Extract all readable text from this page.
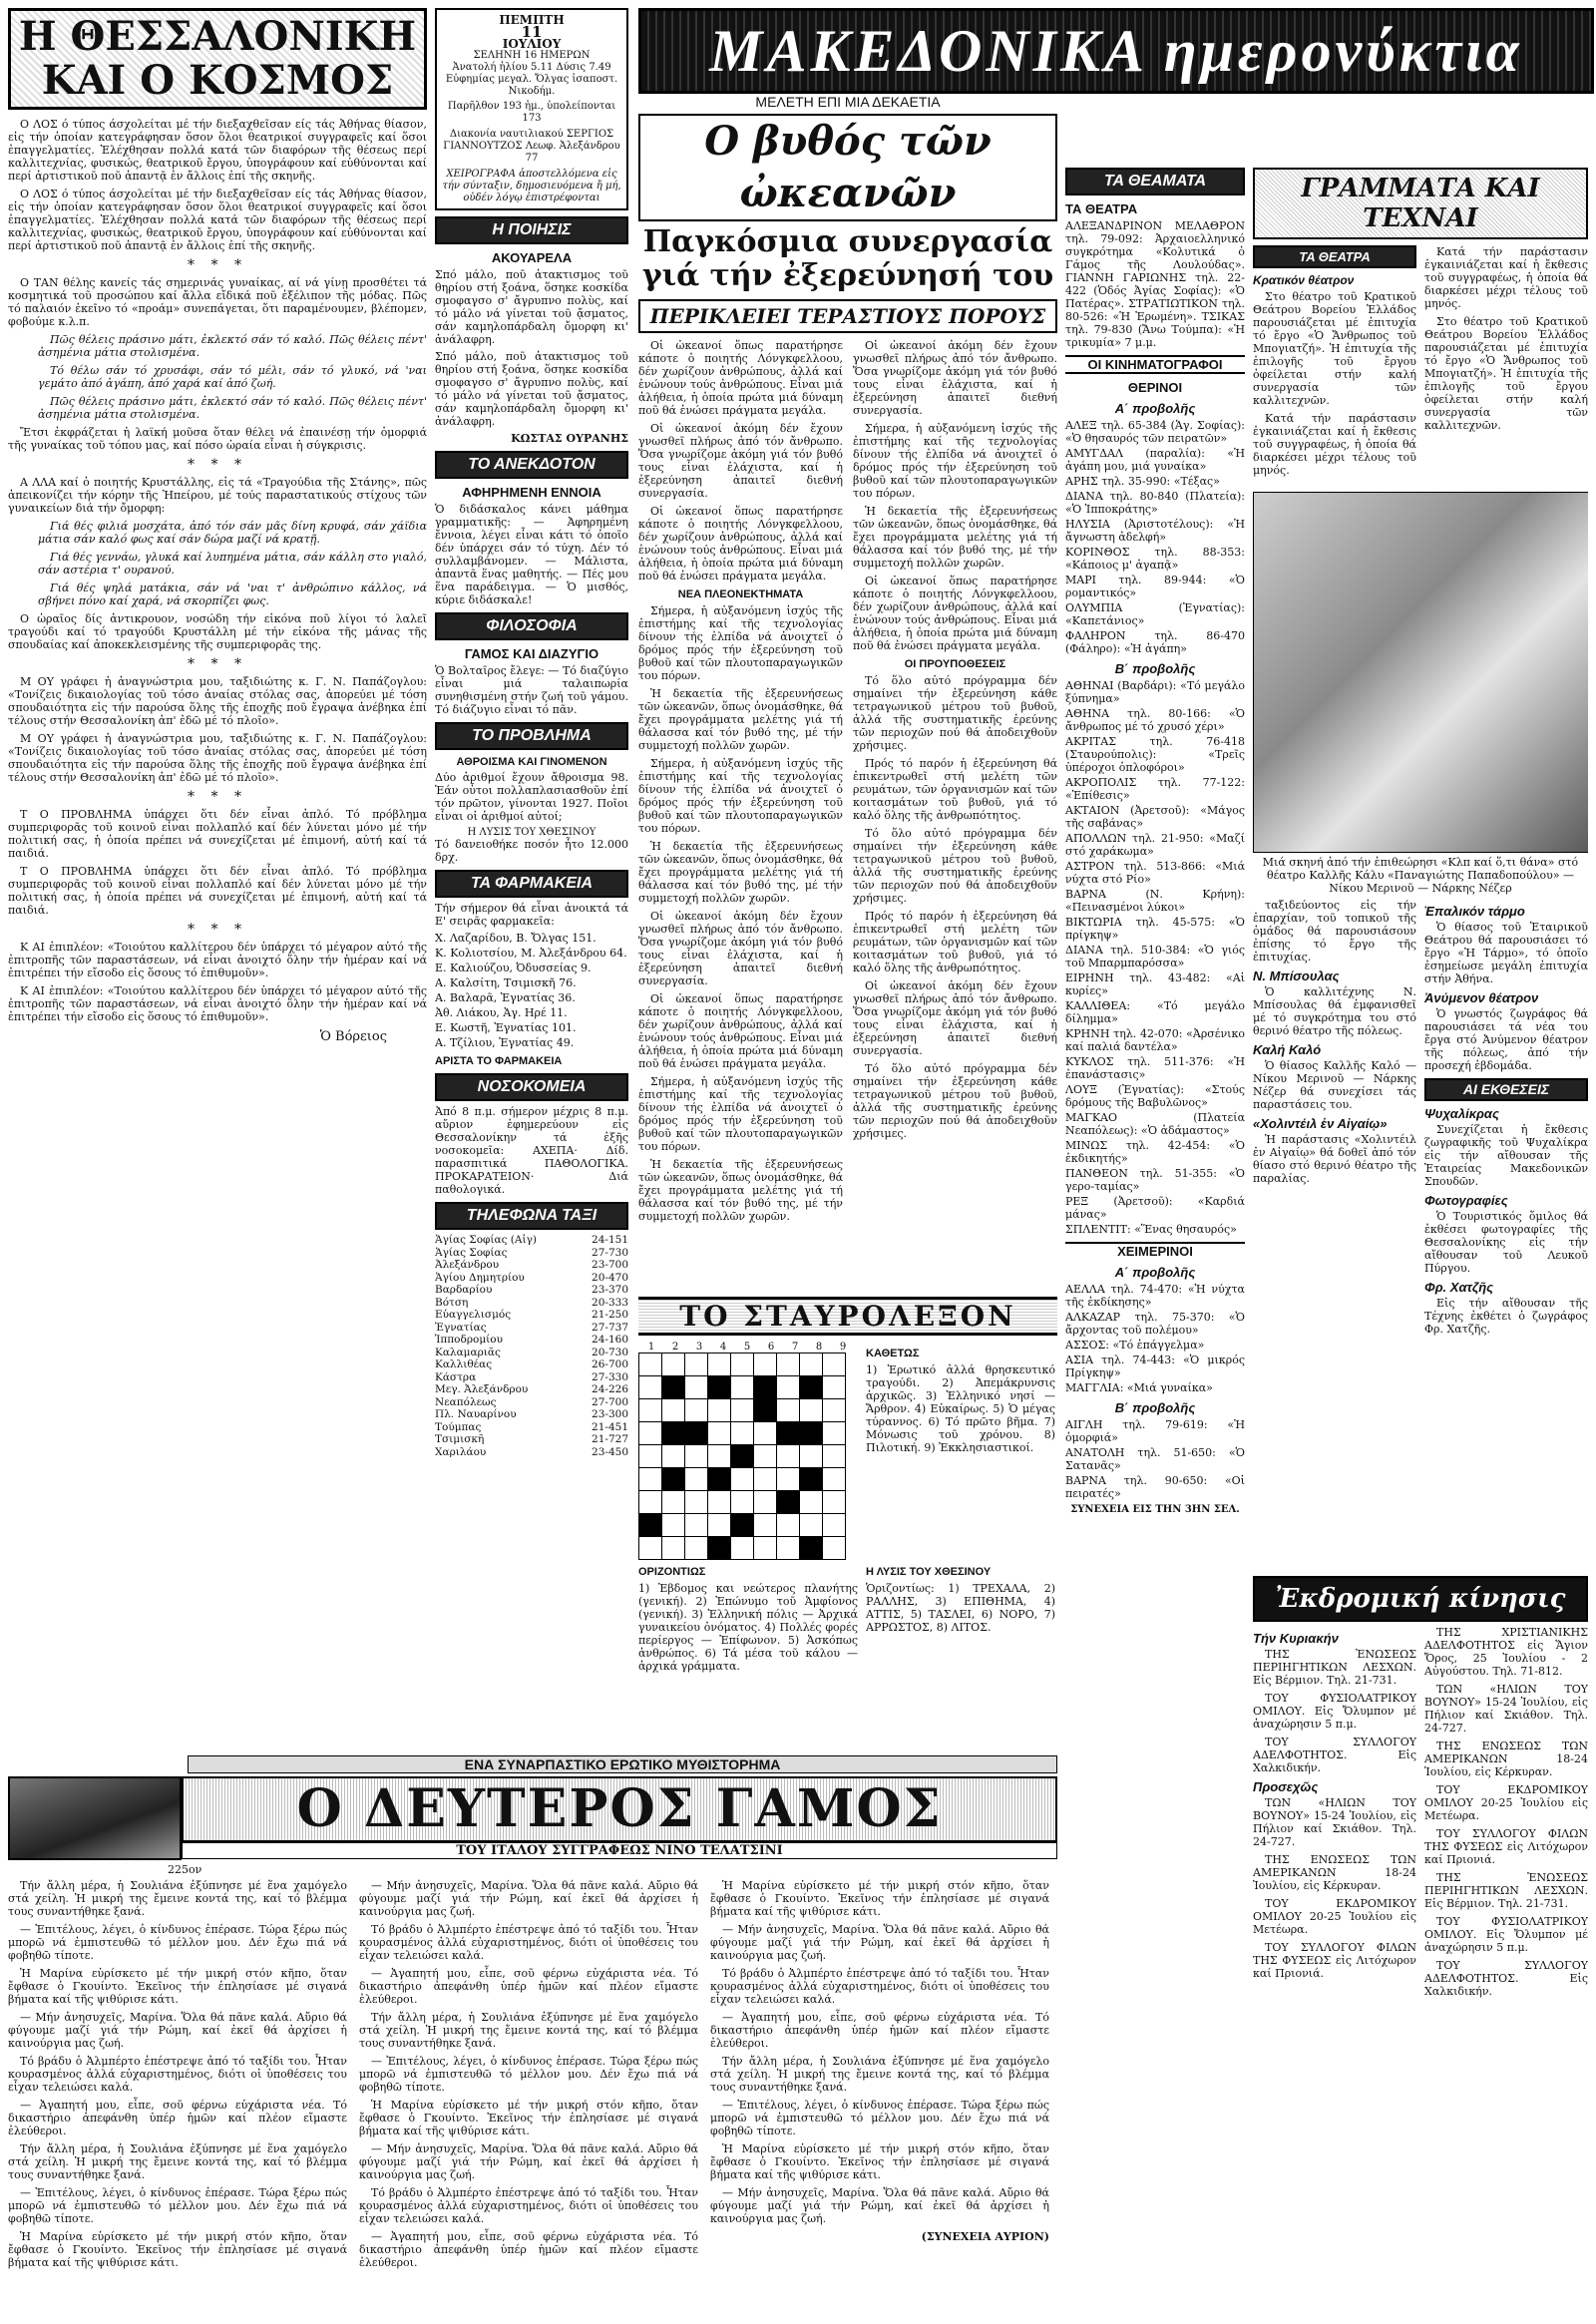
Η ΘΕΣΣΑΛΟΝΙΚΗ
ΚΑΙ Ο ΚΟΣΜΟΣ

Ο ΛΟΣ ό τύπος άσχολείται μέ τήν διεξαχθεῖσαν είς τάς Ἀθήνας θίασον, εἰς τήν ὁποίαν κατεγράφησαν ὅσον ὅλοι θεατρικοί συγγραφεῖς καί ὅσοι ἐπαγγελματίες. Ἐλέχθησαν πολλά κατά τῶν διαφόρων τῆς θέσεως περί καλλιτεχνίας, φυσικώς, θεατρικοῦ ἔργου, ὑπογράφουν καί εὐθύνονται καί περί ἀρτιστικοῦ ποῦ ἀπαντᾷ ἐν ἄλλοις ἐπί τῆς σκηνῆς.

Ο ΛΟΣ ό τύπος άσχολείται μέ τήν διεξαχθεῖσαν είς τάς Ἀθήνας θίασον, εἰς τήν ὁποίαν κατεγράφησαν ὅσον ὅλοι θεατρικοί συγγραφεῖς καί ὅσοι ἐπαγγελματίες. Ἐλέχθησαν πολλά κατά τῶν διαφόρων τῆς θέσεως περί καλλιτεχνίας, φυσικώς, θεατρικοῦ ἔργου, ὑπογράφουν καί εὐθύνονται καί περί ἀρτιστικοῦ ποῦ ἀπαντᾷ ἐν ἄλλοις ἐπί τῆς σκηνῆς.

* * *

Ο ΤΑΝ θέλης κανείς τάς σημερινάς γυναίκας, αί νά γίνῃ προσθέτει τά κοσμητικά τοῦ προσώπου καί ἄλλα εἴδικά ποῦ ἐξέλιπον τῆς μόδας. Πῶς τό παλαιόν ἐκεῖνο τό «προάμ» συνεπάγεται, ὅτι παραμένουμεν, βλέπομεν, φοβούμε κ.λ.π.

Πῶς θέλεις πράσινο μάτι, ἐκλεκτό σάν τό καλό. Πῶς θέλεις πέντ' ἀσημένια μάτια στολισμένα.

Τό θέλω σάν τό χρυσάφι, σάν τό μέλι, σάν τό γλυκό, νά 'ναι γεμάτο ἀπό ἀγάπη, ἀπό χαρά καί ἀπό ζωή.

Πῶς θέλεις πράσινο μάτι, ἐκλεκτό σάν τό καλό. Πῶς θέλεις πέντ' ἀσημένια μάτια στολισμένα.

Ἔτσι ἐκφράζεται ἡ λαϊκή μοῦσα ὅταν θέλει νά ἐπαινέσῃ τήν ὀμορφιά τῆς γυναίκας τοῦ τόπου μας, καί πόσο ὡραία εἶναι ἡ σύγκρισις.

* * *

Α ΛΛΑ καί ὁ ποιητής Κρυστάλλης, εἰς τά «Τραγούδια τῆς Στάνης», πῶς ἀπεικονίζει τήν κόρην τῆς Ἠπείρου, μέ τούς παραστατικούς στίχους τῶν γυναικείων διά τήν ὄμορφη:

Γιά θές φιλιά μοσχάτα, ἀπό τόν σάν μᾶς δίνη κρυφά, σάν χάϊδια μάτια σάν καλό φως καί σάν δώρα μαζί νά κρατῇ.

Γιά θές γεννάω, γλυκά καί λυπημένα μάτια, σάν κάλλη στο γιαλό, σάν αστέρια τ' ουρανού.

Γιά θές ψηλά ματάκια, σάν νά 'ναι τ' ἀνθρώπινο κάλλος, νά σβήνει πόνο καί χαρά, νά σκορπίζει φως.

Ο ὡραῖος δίς ἀντικρουον, νοσώδη τήν εἰκόνα ποῦ λίγοι τό λαλεῖ τραγούδι καί τό τραγούδι Κρυστάλλη μέ τήν εἰκόνα τῆς μάνας τῆς σπουδαίας καί ἀποκεκλεισμένης τῆς συμπεριφορᾶς της.

* * *

Μ ΟΥ γράφει ἡ ἀναγνώστρια μου, ταξιδιώτης κ. Γ. Ν. Παπάζογλου: «Τονίζεις δικαιολογίας τοῦ τόσο ἀναίας στόλας σας, ἀπορεύει μέ τόση σπουδαιότητα εἰς τήν παρούσα ὅλης τῆς ἐποχῆς ποῦ ἔγραψα ἀνέβηκα ἐπί τέλους στήν Θεσσαλονίκη ἀπ' ἐδῶ μέ τό πλοῖο».

Μ ΟΥ γράφει ἡ ἀναγνώστρια μου, ταξιδιώτης κ. Γ. Ν. Παπάζογλου: «Τονίζεις δικαιολογίας τοῦ τόσο ἀναίας στόλας σας, ἀπορεύει μέ τόση σπουδαιότητα εἰς τήν παρούσα ὅλης τῆς ἐποχῆς ποῦ ἔγραψα ἀνέβηκα ἐπί τέλους στήν Θεσσαλονίκη ἀπ' ἐδῶ μέ τό πλοῖο».

* * *

Τ Ο ΠΡΟΒΛΗΜΑ ὑπάρχει ὅτι δέν εἶναι ἀπλό. Τό πρόβλημα συμπεριφορᾶς τοῦ κοινοῦ εἶναι πολλαπλό καί δέν λύνεται μόνο μέ τήν πολιτική σας, ἡ ὁποία πρέπει νά συνεχίζεται μέ ἐπιμονή, αὐτή καί τά παιδιά.

Τ Ο ΠΡΟΒΛΗΜΑ ὑπάρχει ὅτι δέν εἶναι ἀπλό. Τό πρόβλημα συμπεριφορᾶς τοῦ κοινοῦ εἶναι πολλαπλό καί δέν λύνεται μόνο μέ τήν πολιτική σας, ἡ ὁποία πρέπει νά συνεχίζεται μέ ἐπιμονή, αὐτή καί τά παιδιά.

* * *

Κ ΑΙ ἐπιπλέον: «Τοιούτου καλλίτερου δέν ὑπάρχει τό μέγαρον αὐτό τῆς ἐπιτροπῆς τῶν παραστάσεων, νά εἶναι ἀνοιχτό ὅλην τήν ἡμέραν καί νά ἐπιτρέπει τήν εἴσοδο εἰς ὅσους τό ἐπιθυμοῦν».

Κ ΑΙ ἐπιπλέον: «Τοιούτου καλλίτερου δέν ὑπάρχει τό μέγαρον αὐτό τῆς ἐπιτροπῆς τῶν παραστάσεων, νά εἶναι ἀνοιχτό ὅλην τήν ἡμέραν καί νά ἐπιτρέπει τήν εἴσοδο εἰς ὅσους τό ἐπιθυμοῦν».

Ὁ Βόρειος
ΠΕΜΠΤΗ
11
ΙΟΥΛΙΟΥ
ΣΕΛΗΝΗ 16 ΗΜΕΡΩΝ
Ἀνατολή ἡλίου 5.11 Δύσις 7.49
Εὐφημίας μεγαλ. Ὄλγας ἰσαποστ. Νικοδήμ.
Παρῆλθον 193 ἡμ., ὑπολείπονται 173
Διακονία ναυτιλιακού ΣΕΡΓΙΟΣ ΓΙΑΝΝΟΥΤΖΟΣ Λεωφ. Ἀλεξάνδρου 77
ΧΕΙΡΟΓΡΑΦΑ ἀποστελλόμενα εἰς τήν σύνταξιν, δημοσιευόμενα ἤ μή, οὐδέν λόγῳ ἐπιστρέφονται
Η ΠΟΙΗΣΙΣ
ΑΚΟΥΑΡΕΛΑ
Σπό μάλο, ποῦ ἀτακτισμος τοῦ θηρίου στή ξοάνα, ὅσηκε κοσκίδα σμοφαγσο σ' ἄγρυπνο πολὺς, καί τό μάλο νά γίνεται τοῦ ᾄσματος, σάν καμηλοπάρδαλη ὄμορφη κι' ἀνάλαφρη.
Σπό μάλο, ποῦ ἀτακτισμος τοῦ θηρίου στή ξοάνα, ὅσηκε κοσκίδα σμοφαγσο σ' ἄγρυπνο πολὺς, καί τό μάλο νά γίνεται τοῦ ᾄσματος, σάν καμηλοπάρδαλη ὄμορφη κι' ἀνάλαφρη.
ΚΩΣΤΑΣ ΟΥΡΑΝΗΣ
ΤΟ ΑΝΕΚΔΟΤΟΝ
ΑΦΗΡΗΜΕΝΗ ΕΝΝΟΙΑ
Ὁ διδάσκαλος κάνει μάθημα γραμματικῆς: — Ἀφηρημένη ἔννοια, λέγει εἶναι κάτι τό ὁποῖο δέν ὑπάρχει σάν τό τύχη. Δέν τό συλλαμβάνομεν. — Μάλιστα, ἀπαντᾶ ἕνας μαθητής. — Πές μου ἕνα παράδειγμα. — Ὁ μισθός, κύριε διδάσκαλε!
ΦΙΛΟΣΟΦΙΑ
ΓΑΜΟΣ ΚΑΙ ΔΙΑΖΥΓΙΟ
Ὁ Βολταῖρος ἔλεγε: — Τό διαζύγιο εἶναι μιά ταλαιπωρία συνηθισμένη στήν ζωή τοῦ γάμου. Τό διάζυγιο εἶναι τό πᾶν.
ΤΟ ΠΡΟΒΛΗΜΑ
ΑΘΡΟΙΣΜΑ ΚΑΙ ΓΙΝΟΜΕΝΟΝ
Δύο ἀριθμοί ἔχουν ἄθροισμα 98. Ἐάν οὗτοι πολλαπλασιασθοῦν ἐπί τόν πρῶτον, γίνονται 1927. Ποῖοι εἶναι οἱ ἀριθμοί αὐτοί;
Η ΛΥΣΙΣ ΤΟΥ ΧΘΕΣΙΝΟΥ
Τό δανειοθήκε ποσόν ἦτο 12.000 δρχ.
ΤΑ ΦΑΡΜΑΚΕΙΑ
Τήν σήμερον θά εἶναι ἀνοικτά τά Ε' σειρᾶς φαρμακεῖα:
Χ. Λαζαρίδου, Β. Ὄλγας 151.
Κ. Κολιοτσίου, Μ. Ἀλεξάνδρου 64.
Ε. Καλιούζου, Ὀδυσσείας 9.
Α. Καλσίτη, Τσιμισκῆ 76.
Α. Βαλαρᾶ, Ἐγνατίας 36.
Ἀθ. Λιάκου, Ἁγ. Ηρέ 11.
Ε. Κωστῆ, Ἐγνατίας 101.
Α. Τζίλιου, Ἐγνατίας 49.
ΑΡΙΣΤΑ ΤΟ ΦΑΡΜΑΚΕΙΑ
ΝΟΣΟΚΟΜΕΙΑ
Ἀπό 8 π.μ. σήμερον μέχρις 8 π.μ. αὔριον ἐφημερεύουν εἰς Θεσσαλονίκην τά ἑξῆς νοσοκομεῖα: ΑΧΕΠΑ· Δίδ. παρασπιτικά ΠΑΘΟΛΟΓΙΚΑ. ΠΡΟΚΑΡΑΤΕΙΟΝ· Διά παθολογικά.
ΤΗΛΕΦΩΝΑ ΤΑΞΙ
Ἁγίας Σοφίας (Αἰγ)	24-151
Ἁγίας Σοφίας	27-730
Ἀλεξάνδρου	23-700
Ἁγίου Δημητρίου	20-470
Βαρδαρίου	23-370
Βότση	20-333
Εὐαγγελισμός	21-250
Ἐγνατίας	27-737
Ἱπποδρομίου	24-160
Καλαμαριᾶς	20-730
Καλλιθέας	26-700
Κάστρα	27-330
Μεγ. Ἀλεξάνδρου	24-226
Νεαπόλεως	27-700
Πλ. Ναυαρίνου	23-300
Τούμπας	21-451
Τσιμισκῆ	21-727
Χαριλάου	23-450
ΜΑΚΕΔΟΝΙΚΑ ημερονύκτια
ΜΕΛΕΤΗ ΕΠΙ ΜΙΑ ΔΕΚΑΕΤΙΑ
Ο βυθός τῶν ὠκεανῶν
Παγκόσμια συνεργασία
γιά τήν ἐξερεύνησή του
ΠΕΡΙΚΛΕΙΕΙ ΤΕΡΑΣΤΙΟΥΣ ΠΟΡΟΥΣ

Οἱ ὠκεανοί ὅπως παρατήρησε κάποτε ὁ ποιητής Λόνγκφελλοου, δέν χωρίζουν ἀνθρώπους, ἀλλά καί ἑνώνουν τούς ἀνθρώπους. Εἶναι μιά ἀλήθεια, ἡ ὁποία πρώτα μιά δύναμη ποῦ θά ἐνώσει πράγματα μεγάλα.

Οἱ ὠκεανοί ἀκόμη δέν ἔχουν γνωσθεῖ πλήρως ἀπό τόν ἄνθρωπο. Ὅσα γνωρίζομε ἀκόμη γιά τόν βυθό τους εἶναι ἐλάχιστα, καί ἡ ἐξερεύνηση ἀπαιτεῖ διεθνή συνεργασία.

Οἱ ὠκεανοί ὅπως παρατήρησε κάποτε ὁ ποιητής Λόνγκφελλοου, δέν χωρίζουν ἀνθρώπους, ἀλλά καί ἑνώνουν τούς ἀνθρώπους. Εἶναι μιά ἀλήθεια, ἡ ὁποία πρώτα μιά δύναμη ποῦ θά ἐνώσει πράγματα μεγάλα.

ΝΕΑ ΠΛΕΟΝΕΚΤΗΜΑΤΑ

Σήμερα, ἡ αὐξανόμενη ἰσχύς τῆς ἐπιστήμης καί τῆς τεχνολογίας δίνουν τής ἐλπίδα νά ἀνοιχτεῖ ὁ δρόμος πρός τήν ἐξερεύνηση τοῦ βυθοῦ καί τῶν πλουτοπαραγωγικῶν του πόρων.

Ἡ δεκαετία τῆς ἐξερευνήσεως τῶν ὠκεανῶν, ὅπως ὀνομάσθηκε, θά ἔχει προγράμματα μελέτης γιά τή θάλασσα καί τόν βυθό της, μέ τήν συμμετοχή πολλῶν χωρῶν.

Σήμερα, ἡ αὐξανόμενη ἰσχύς τῆς ἐπιστήμης καί τῆς τεχνολογίας δίνουν τής ἐλπίδα νά ἀνοιχτεῖ ὁ δρόμος πρός τήν ἐξερεύνηση τοῦ βυθοῦ καί τῶν πλουτοπαραγωγικῶν του πόρων.

Ἡ δεκαετία τῆς ἐξερευνήσεως τῶν ὠκεανῶν, ὅπως ὀνομάσθηκε, θά ἔχει προγράμματα μελέτης γιά τή θάλασσα καί τόν βυθό της, μέ τήν συμμετοχή πολλῶν χωρῶν.

Οἱ ὠκεανοί ἀκόμη δέν ἔχουν γνωσθεῖ πλήρως ἀπό τόν ἄνθρωπο. Ὅσα γνωρίζομε ἀκόμη γιά τόν βυθό τους εἶναι ἐλάχιστα, καί ἡ ἐξερεύνηση ἀπαιτεῖ διεθνή συνεργασία.

Οἱ ὠκεανοί ὅπως παρατήρησε κάποτε ὁ ποιητής Λόνγκφελλοου, δέν χωρίζουν ἀνθρώπους, ἀλλά καί ἑνώνουν τούς ἀνθρώπους. Εἶναι μιά ἀλήθεια, ἡ ὁποία πρώτα μιά δύναμη ποῦ θά ἐνώσει πράγματα μεγάλα.

Σήμερα, ἡ αὐξανόμενη ἰσχύς τῆς ἐπιστήμης καί τῆς τεχνολογίας δίνουν τής ἐλπίδα νά ἀνοιχτεῖ ὁ δρόμος πρός τήν ἐξερεύνηση τοῦ βυθοῦ καί τῶν πλουτοπαραγωγικῶν του πόρων.

Ἡ δεκαετία τῆς ἐξερευνήσεως τῶν ὠκεανῶν, ὅπως ὀνομάσθηκε, θά ἔχει προγράμματα μελέτης γιά τή θάλασσα καί τόν βυθό της, μέ τήν συμμετοχή πολλῶν χωρῶν.

Οἱ ὠκεανοί ἀκόμη δέν ἔχουν γνωσθεῖ πλήρως ἀπό τόν ἄνθρωπο. Ὅσα γνωρίζομε ἀκόμη γιά τόν βυθό τους εἶναι ἐλάχιστα, καί ἡ ἐξερεύνηση ἀπαιτεῖ διεθνή συνεργασία.

Σήμερα, ἡ αὐξανόμενη ἰσχύς τῆς ἐπιστήμης καί τῆς τεχνολογίας δίνουν τής ἐλπίδα νά ἀνοιχτεῖ ὁ δρόμος πρός τήν ἐξερεύνηση τοῦ βυθοῦ καί τῶν πλουτοπαραγωγικῶν του πόρων.

Ἡ δεκαετία τῆς ἐξερευνήσεως τῶν ὠκεανῶν, ὅπως ὀνομάσθηκε, θά ἔχει προγράμματα μελέτης γιά τή θάλασσα καί τόν βυθό της, μέ τήν συμμετοχή πολλῶν χωρῶν.

Οἱ ὠκεανοί ὅπως παρατήρησε κάποτε ὁ ποιητής Λόνγκφελλοου, δέν χωρίζουν ἀνθρώπους, ἀλλά καί ἑνώνουν τούς ἀνθρώπους. Εἶναι μιά ἀλήθεια, ἡ ὁποία πρώτα μιά δύναμη ποῦ θά ἐνώσει πράγματα μεγάλα.

ΟΙ ΠΡΟΥΠΟΘΕΣΕΙΣ

Τό ὅλο αὐτό πρόγραμμα δέν σημαίνει τήν ἐξερεύνηση κάθε τετραγωνικοῦ μέτρου τοῦ βυθοῦ, ἀλλά τῆς συστηματικῆς ἐρεύνης τῶν περιοχῶν πού θά ἀποδειχθοῦν χρήσιμες.

Πρός τό παρόν ἡ ἐξερεύνηση θά ἐπικεντρωθεῖ στή μελέτη τῶν ρευμάτων, τῶν ὀργανισμῶν καί τῶν κοιτασμάτων τοῦ βυθοῦ, γιά τό καλό ὅλης τῆς ἀνθρωπότητος.

Τό ὅλο αὐτό πρόγραμμα δέν σημαίνει τήν ἐξερεύνηση κάθε τετραγωνικοῦ μέτρου τοῦ βυθοῦ, ἀλλά τῆς συστηματικῆς ἐρεύνης τῶν περιοχῶν πού θά ἀποδειχθοῦν χρήσιμες.

Πρός τό παρόν ἡ ἐξερεύνηση θά ἐπικεντρωθεῖ στή μελέτη τῶν ρευμάτων, τῶν ὀργανισμῶν καί τῶν κοιτασμάτων τοῦ βυθοῦ, γιά τό καλό ὅλης τῆς ἀνθρωπότητος.

Οἱ ὠκεανοί ἀκόμη δέν ἔχουν γνωσθεῖ πλήρως ἀπό τόν ἄνθρωπο. Ὅσα γνωρίζομε ἀκόμη γιά τόν βυθό τους εἶναι ἐλάχιστα, καί ἡ ἐξερεύνηση ἀπαιτεῖ διεθνή συνεργασία.

Τό ὅλο αὐτό πρόγραμμα δέν σημαίνει τήν ἐξερεύνηση κάθε τετραγωνικοῦ μέτρου τοῦ βυθοῦ, ἀλλά τῆς συστηματικῆς ἐρεύνης τῶν περιοχῶν πού θά ἀποδειχθοῦν χρήσιμες.

ΤΟ ΣΤΑΥΡΟΛΕΞΟΝ
1	2	3	4	5	6	7	8	9

ΚΑΘΕΤΩΣ
1) Ἐρωτικό ἀλλά θρησκευτικό τραγούδι. 2) Ἀπεμάκρυνσις ἀρχικῶς. 3) Ἑλληνικό νησί — Ἄρθρον. 4) Εὐκαίρως. 5) Ὁ μέγας τύραννος. 6) Τό πρῶτο βῆμα. 7) Μόνωσις τοῦ χρόνου. 8) Πιλοτική. 9) Ἐκκλησιαστικοί.
ΟΡΙΖΟΝΤΙΩΣ
1) Ἐβδομος και νεώτερος πλανήτης (γενική). 2) Ἐπώνυμο τοῦ Ἀμφίονος (γενική). 3) Ἑλληνική πόλις — Ἀρχικά γυναικείου ὀνόματος. 4) Πολλές φορές περίεργος — Ἐπίφωνον. 5) Ἀσκόπως ἀνθρώπος. 6) Τά μέσα τοῦ κάλου — ἀρχικά γράμματα.
Η ΛΥΣΙΣ ΤΟΥ ΧΘΕΣΙΝΟΥ
Ὁριζοντίως: 1) ΤΡΕΧΑΛΑ, 2) ΡΑΛΛΗΣ, 3) ΕΠΙΘΗΜΑ, 4) ΑΤΤΙΣ, 5) ΤΑΣΛΕΙ, 6) ΝΟΡΟ, 7) ΑΡΡΩΣΤΟΣ, 8) ΛΙΤΟΣ.
ΤΑ ΘΕΑΜΑΤΑ
ΤΑ ΘΕΑΤΡΑ
ΑΛΕΞΑΝΔΡΙΝΟΝ ΜΕΛΑΘΡΟΝ τηλ. 79-092: Ἀρχαιοελληνικό συγκρότημα «Κολυτικά ὁ Γάμος τῆς Λουλούδας». ΓΙΑΝΝΗ ΓΑΡΙΩΝΗΣ τηλ. 22-422 (Ὁδός Ἀγίας Σοφίας): «Ὁ Πατέρας». ΣΤΡΑΤΙΩΤΙΚΟΝ τηλ. 80-526: «Ἡ Ἐρωμένη». ΤΣΙΚΑΣ τηλ. 79-830 (Ἄνω Τούμπα): «Ἡ τρικυμία» 7 μ.μ.
ΟΙ ΚΙΝΗΜΑΤΟΓΡΑΦΟΙ
ΘΕΡΙΝΟΙ
Α΄ προβολῆς
ΑΛΕΞ τηλ. 65-384 (Ἁγ. Σοφίας): «Ὁ θησαυρός τῶν πειρατῶν»
ΑΜΥΓΔΑΛ (παραλία): «Ἡ ἀγάπη μου, μιά γυναίκα»
ΑΡΗΣ τηλ. 35-990: «Τέξας»
ΔΙΑΝΑ τηλ. 80-840 (Πλατεία): «Ὁ Ἱπποκράτης»
ΗΛΥΣΙΑ (Ἀριστοτέλους): «Ἡ ἄγνωστη ἀδελφή»
ΚΟΡΙΝΘΟΣ τηλ. 88-353: «Κάποιος μ' ἀγαπᾷ»
ΜΑΡΙ τηλ. 89-944: «Ὁ ρομαντικός»
ΟΛΥΜΠΙΑ (Ἐγνατίας): «Καπετάνιος»
ΦΑΛΗΡΟΝ τηλ. 86-470 (Φάληρο): «Ἡ ἀγάπη»
Β΄ προβολῆς
ΑΘΗΝΑΙ (Βαρδάρι): «Τό μεγάλο ξύπνημα»
ΑΘΗΝΑ τηλ. 80-166: «Ὁ ἄνθρωπος μέ τό χρυσό χέρι»
ΑΚΡΙΤΑΣ τηλ. 76-418 (Σταυρούπολις): «Τρεῖς ὑπέροχοι ὁπλοφόροι»
ΑΚΡΟΠΟΛΙΣ τηλ. 77-122: «Ἐπίθεσις»
ΑΚΤΑΙΟΝ (Ἀρετσοῦ): «Μάγος τῆς σαβάνας»
ΑΠΟΛΛΩΝ τηλ. 21-950: «Μαζί στό χαράκωμα»
ΑΣΤΡΟΝ τηλ. 513-866: «Μιά νύχτα στό Ρίο»
ΒΑΡΝΑ (Ν. Κρήνη): «Πεινασμένοι λύκοι»
ΒΙΚΤΩΡΙΑ τηλ. 45-575: «Ὁ πρίγκηψ»
ΔΙΑΝΑ τηλ. 510-384: «Ὁ γιός τοῦ Μπαρμπαρόσσα»
ΕΙΡΗΝΗ τηλ. 43-482: «Αἱ κυρίες»
ΚΑΛΛΙΘΕΑ: «Τό μεγάλο δίλημμα»
ΚΡΗΝΗ τηλ. 42-070: «Ἀρσένικο καί παλιά δαντέλα»
ΚΥΚΛΟΣ τηλ. 511-376: «Ἡ ἐπανάστασις»
ΛΟΥΞ (Ἐγνατίας): «Στούς δρόμους τῆς Βαβυλῶνος»
ΜΑΓΚΑΟ (Πλατεία Νεαπόλεως): «Ὁ ἀδάμαστος»
ΜΙΝΩΣ τηλ. 42-454: «Ὁ ἐκδικητής»
ΠΑΝΘΕΟΝ τηλ. 51-355: «Ὁ γερο-ταμίας»
ΡΕΞ (Ἀρετσοῦ): «Καρδιά μάνας»
ΣΠΛΕΝΤΙΤ: «Ἕνας θησαυρός»
ΧΕΙΜΕΡΙΝΟΙ
Α΄ προβολῆς
ΑΕΛΛΑ τηλ. 74-470: «Ἡ νύχτα τῆς ἐκδίκησης»
ΑΛΚΑΖΑΡ τηλ. 75-370: «Ὁ ἄρχοντας τοῦ πολέμου»
ΑΣΣΟΣ: «Τό ἐπάγγελμα»
ΑΣΙΑ τηλ. 74-443: «Ὁ μικρός Πρίγκηψ»
ΜΑΓΓΛΙΑ: «Μιά γυναίκα»
Β΄ προβολῆς
ΑΙΓΛΗ τηλ. 79-619: «Ἡ ὀμορφιά»
ΑΝΑΤΟΛΗ τηλ. 51-650: «Ὁ Σατανᾶς»
ΒΑΡΝΑ τηλ. 90-650: «Οἱ πειρατές»
ΣΥΝΕΧΕΙΑ ΕΙΣ ΤΗΝ 3ΗΝ ΣΕΛ.
ΓΡΑΜΜΑΤΑ ΚΑΙ ΤΕΧΝΑΙ
ΤΑ ΘΕΑΤΡΑ
Κρατικόν θέατρον

Στο θέατρο τοῦ Κρατικοῦ Θεάτρου Βορείου Ἑλλάδος παρουσιάζεται μέ ἐπιτυχία τό ἔργο «Ὁ Ἄνθρωπος τοῦ Μπογιατζή». Ἡ ἐπιτυχία τῆς ἐπιλογῆς τοῦ ἔργου ὀφείλεται στήν καλή συνεργασία τῶν καλλιτεχνῶν.

Κατά τήν παράστασιν ἐγκαινιάζεται καί ἡ ἔκθεσις τοῦ συγγραφέως, ἡ ὁποία θά διαρκέσει μέχρι τέλους τοῦ μηνός.

Κατά τήν παράστασιν ἐγκαινιάζεται καί ἡ ἔκθεσις τοῦ συγγραφέως, ἡ ὁποία θά διαρκέσει μέχρι τέλους τοῦ μηνός.

Στο θέατρο τοῦ Κρατικοῦ Θεάτρου Βορείου Ἑλλάδος παρουσιάζεται μέ ἐπιτυχία τό ἔργο «Ὁ Ἄνθρωπος τοῦ Μπογιατζή». Ἡ ἐπιτυχία τῆς ἐπιλογῆς τοῦ ἔργου ὀφείλεται στήν καλή συνεργασία τῶν καλλιτεχνῶν.

Μιά σκηνή ἀπό τήν ἐπιθεώρησι «Κλπ καί ὅ,τι θάνα» στό θέατρο Καλλῆς Κάλυ «Παναγιώτης Παπαδοπούλου» — Νίκου Μερινοῦ — Νάρκης Νέζερ

ταξιδεύοντος εἰς τήν ἐπαρχίαν, τοῦ τοπικοῦ τῆς ὁμάδος θά παρουσιάσουν ἐπίσης τό ἔργο τῆς ἐπιτυχίας.

Ν. Μπίσουλας

Ὁ καλλιτέχνης Ν. Μπίσουλας θά ἐμφανισθεῖ μέ τό συγκρότημα του στό θερινό θέατρο τῆς πόλεως.

Καλή Καλό

Ὁ θίασος Καλλῆς Καλό — Νίκου Μερινοῦ — Νάρκης Νέζερ θά συνεχίσει τάς παραστάσεις του.

«Χολιντέιλ ἐν Αἰγαίῳ»

Ἡ παράστασις «Χολιντέιλ ἐν Αἰγαίῳ» θά δοθεῖ ἀπό τόν θίασο στό θερινό θέατρο τῆς παραλίας.

Ἐπαλικόν τάρμο

Ὁ θίασος τοῦ Ἐταιρικοῦ Θεάτρου θά παρουσιάσει τό ἔργο «Ἡ Τάρμο», τό ὁποῖο ἐσημείωσε μεγάλη ἐπιτυχία στήν Ἀθήνα.

Ἀνύμενον θέατρον

Ὁ γνωστός ζωγράφος θά παρουσιάσει τά νέα του ἔργα στό Ἀνύμενον θέατρον τῆς πόλεως, ἀπό τήν προσεχή ἑβδομάδα.

ΑΙ ΕΚΘΕΣΕΙΣ
Ψυχαλίκρας

Συνεχίζεται ἡ ἔκθεσις ζωγραφικῆς τοῦ Ψυχαλίκρα εἰς τήν αἴθουσαν τῆς Ἑταιρείας Μακεδονικῶν Σπουδῶν.

Φωτογραφίες

Ὁ Τουριστικός ὅμιλος θά ἐκθέσει φωτογραφίες τῆς Θεσσαλονίκης εἰς τήν αἴθουσαν τοῦ Λευκοῦ Πύργου.

Φρ. Χατζῆς

Εἰς τήν αἴθουσαν τῆς Τέχνης ἐκθέτει ὁ ζωγράφος Φρ. Χατζῆς.

Ἐκδρομική κίνησις
Τήν Κυριακήν

ΤΗΣ ἘΝΩΣΕΩΣ ΠΕΡΙΗΓΗΤΙΚΩΝ ΛΕΣΧΩΝ. Εἰς Βέρμιον. Τηλ. 21-731.

ΤΟΥ ΦΥΣΙΟΛΑΤΡΙΚΟΥ ΟΜΙΛΟΥ. Εἰς Ὄλυμπον μέ ἀναχώρησιν 5 π.μ.

ΤΟΥ ΣΥΛΛΟΓΟΥ ΑΔΕΛΦΟΤΗΤΟΣ. Εἰς Χαλκιδικήν.

Προσεχῶς

ΤΩΝ «ΗΛΙΩΝ ΤΟΥ ΒΟΥΝΟΥ» 15-24 Ἰουλίου, εἰς Πήλιον καί Σκιάθον. Τηλ. 24-727.

ΤΗΣ ΕΝΩΣΕΩΣ ΤΩΝ ΑΜΕΡΙΚΑΝΩΝ 18-24 Ἰουλίου, εἰς Κέρκυραν.

ΤΟΥ ΕΚΔΡΟΜΙΚΟΥ ΟΜΙΛΟΥ 20-25 Ἰουλίου εἰς Μετέωρα.

ΤΟΥ ΣΥΛΛΟΓΟΥ ΦΙΛΩΝ ΤΗΣ ΦΥΣΕΩΣ εἰς Λιτόχωρον καί Πριονιά.

ΤΗΣ ΧΡΙΣΤΙΑΝΙΚΗΣ ΑΔΕΛΦΟΤΗΤΟΣ εἰς Ἅγιον Ὄρος, 25 Ἰουλίου - 2 Αὐγούστου. Τηλ. 71-812.

ΤΩΝ «ΗΛΙΩΝ ΤΟΥ ΒΟΥΝΟΥ» 15-24 Ἰουλίου, εἰς Πήλιον καί Σκιάθον. Τηλ. 24-727.

ΤΗΣ ΕΝΩΣΕΩΣ ΤΩΝ ΑΜΕΡΙΚΑΝΩΝ 18-24 Ἰουλίου, εἰς Κέρκυραν.

ΤΟΥ ΕΚΔΡΟΜΙΚΟΥ ΟΜΙΛΟΥ 20-25 Ἰουλίου εἰς Μετέωρα.

ΤΟΥ ΣΥΛΛΟΓΟΥ ΦΙΛΩΝ ΤΗΣ ΦΥΣΕΩΣ εἰς Λιτόχωρον καί Πριονιά.

ΤΗΣ ἘΝΩΣΕΩΣ ΠΕΡΙΗΓΗΤΙΚΩΝ ΛΕΣΧΩΝ. Εἰς Βέρμιον. Τηλ. 21-731.

ΤΟΥ ΦΥΣΙΟΛΑΤΡΙΚΟΥ ΟΜΙΛΟΥ. Εἰς Ὄλυμπον μέ ἀναχώρησιν 5 π.μ.

ΤΟΥ ΣΥΛΛΟΓΟΥ ΑΔΕΛΦΟΤΗΤΟΣ. Εἰς Χαλκιδικήν.

ΕΝΑ ΣΥΝΑΡΠΑΣΤΙΚΟ ΕΡΩΤΙΚΟ ΜΥΘΙΣΤΟΡΗΜΑ
Ο ΔΕΥΤΕΡΟΣ ΓΑΜΟΣ
ΤΟΥ ΙΤΑΛΟΥ ΣΥΓΓΡΑΦΕΩΣ ΝΙΝΟ ΤΕΛΑΤΣΙΝΙ
225ον

Τήν ἄλλη μέρα, ἡ Σουλιάνα ἐξύπνησε μέ ἕνα χαμόγελο στά χείλη. Ἡ μικρή της ἔμεινε κοντά της, καί τό βλέμμα τους συναντήθηκε ξανά.

— Ἐπιτέλους, λέγει, ὁ κίνδυνος ἐπέρασε. Τώρα ξέρω πώς μπορῶ νά ἐμπιστευθῶ τό μέλλον μου. Δέν ἔχω πιά νά φοβηθῶ τίποτε.

Ἡ Μαρίνα εὑρίσκετο μέ τήν μικρή στόν κῆπο, ὅταν ἔφθασε ὁ Γκουίντο. Ἐκεῖνος τήν ἐπλησίασε μέ σιγανά βήματα καί τῆς ψιθύρισε κάτι.

— Μήν ἀνησυχεῖς, Μαρίνα. Ὅλα θά πᾶνε καλά. Αὔριο θά φύγουμε μαζί γιά τήν Ρώμη, καί ἐκεῖ θά ἀρχίσει ἡ καινούργια μας ζωή.

Τό βράδυ ὁ Ἀλμπέρτο ἐπέστρεψε ἀπό τό ταξίδι του. Ἦταν κουρασμένος ἀλλά εὐχαριστημένος, διότι οἱ ὑποθέσεις του εἶχαν τελειώσει καλά.

— Ἀγαπητή μου, εἶπε, σοῦ φέρνω εὐχάριστα νέα. Τό δικαστήριο ἀπεφάνθη ὑπέρ ἡμῶν καί πλέον εἴμαστε ἐλεύθεροι.

Τήν ἄλλη μέρα, ἡ Σουλιάνα ἐξύπνησε μέ ἕνα χαμόγελο στά χείλη. Ἡ μικρή της ἔμεινε κοντά της, καί τό βλέμμα τους συναντήθηκε ξανά.

— Ἐπιτέλους, λέγει, ὁ κίνδυνος ἐπέρασε. Τώρα ξέρω πώς μπορῶ νά ἐμπιστευθῶ τό μέλλον μου. Δέν ἔχω πιά νά φοβηθῶ τίποτε.

Ἡ Μαρίνα εὑρίσκετο μέ τήν μικρή στόν κῆπο, ὅταν ἔφθασε ὁ Γκουίντο. Ἐκεῖνος τήν ἐπλησίασε μέ σιγανά βήματα καί τῆς ψιθύρισε κάτι.

— Μήν ἀνησυχεῖς, Μαρίνα. Ὅλα θά πᾶνε καλά. Αὔριο θά φύγουμε μαζί γιά τήν Ρώμη, καί ἐκεῖ θά ἀρχίσει ἡ καινούργια μας ζωή.

Τό βράδυ ὁ Ἀλμπέρτο ἐπέστρεψε ἀπό τό ταξίδι του. Ἦταν κουρασμένος ἀλλά εὐχαριστημένος, διότι οἱ ὑποθέσεις του εἶχαν τελειώσει καλά.

— Ἀγαπητή μου, εἶπε, σοῦ φέρνω εὐχάριστα νέα. Τό δικαστήριο ἀπεφάνθη ὑπέρ ἡμῶν καί πλέον εἴμαστε ἐλεύθεροι.

Τήν ἄλλη μέρα, ἡ Σουλιάνα ἐξύπνησε μέ ἕνα χαμόγελο στά χείλη. Ἡ μικρή της ἔμεινε κοντά της, καί τό βλέμμα τους συναντήθηκε ξανά.

— Ἐπιτέλους, λέγει, ὁ κίνδυνος ἐπέρασε. Τώρα ξέρω πώς μπορῶ νά ἐμπιστευθῶ τό μέλλον μου. Δέν ἔχω πιά νά φοβηθῶ τίποτε.

Ἡ Μαρίνα εὑρίσκετο μέ τήν μικρή στόν κῆπο, ὅταν ἔφθασε ὁ Γκουίντο. Ἐκεῖνος τήν ἐπλησίασε μέ σιγανά βήματα καί τῆς ψιθύρισε κάτι.

— Μήν ἀνησυχεῖς, Μαρίνα. Ὅλα θά πᾶνε καλά. Αὔριο θά φύγουμε μαζί γιά τήν Ρώμη, καί ἐκεῖ θά ἀρχίσει ἡ καινούργια μας ζωή.

Τό βράδυ ὁ Ἀλμπέρτο ἐπέστρεψε ἀπό τό ταξίδι του. Ἦταν κουρασμένος ἀλλά εὐχαριστημένος, διότι οἱ ὑποθέσεις του εἶχαν τελειώσει καλά.

— Ἀγαπητή μου, εἶπε, σοῦ φέρνω εὐχάριστα νέα. Τό δικαστήριο ἀπεφάνθη ὑπέρ ἡμῶν καί πλέον εἴμαστε ἐλεύθεροι.

Ἡ Μαρίνα εὑρίσκετο μέ τήν μικρή στόν κῆπο, ὅταν ἔφθασε ὁ Γκουίντο. Ἐκεῖνος τήν ἐπλησίασε μέ σιγανά βήματα καί τῆς ψιθύρισε κάτι.

— Μήν ἀνησυχεῖς, Μαρίνα. Ὅλα θά πᾶνε καλά. Αὔριο θά φύγουμε μαζί γιά τήν Ρώμη, καί ἐκεῖ θά ἀρχίσει ἡ καινούργια μας ζωή.

Τό βράδυ ὁ Ἀλμπέρτο ἐπέστρεψε ἀπό τό ταξίδι του. Ἦταν κουρασμένος ἀλλά εὐχαριστημένος, διότι οἱ ὑποθέσεις του εἶχαν τελειώσει καλά.

— Ἀγαπητή μου, εἶπε, σοῦ φέρνω εὐχάριστα νέα. Τό δικαστήριο ἀπεφάνθη ὑπέρ ἡμῶν καί πλέον εἴμαστε ἐλεύθεροι.

Τήν ἄλλη μέρα, ἡ Σουλιάνα ἐξύπνησε μέ ἕνα χαμόγελο στά χείλη. Ἡ μικρή της ἔμεινε κοντά της, καί τό βλέμμα τους συναντήθηκε ξανά.

— Ἐπιτέλους, λέγει, ὁ κίνδυνος ἐπέρασε. Τώρα ξέρω πώς μπορῶ νά ἐμπιστευθῶ τό μέλλον μου. Δέν ἔχω πιά νά φοβηθῶ τίποτε.

Ἡ Μαρίνα εὑρίσκετο μέ τήν μικρή στόν κῆπο, ὅταν ἔφθασε ὁ Γκουίντο. Ἐκεῖνος τήν ἐπλησίασε μέ σιγανά βήματα καί τῆς ψιθύρισε κάτι.

— Μήν ἀνησυχεῖς, Μαρίνα. Ὅλα θά πᾶνε καλά. Αὔριο θά φύγουμε μαζί γιά τήν Ρώμη, καί ἐκεῖ θά ἀρχίσει ἡ καινούργια μας ζωή.

(ΣΥΝΕΧΕΙΑ ΑΥΡΙΟΝ)
